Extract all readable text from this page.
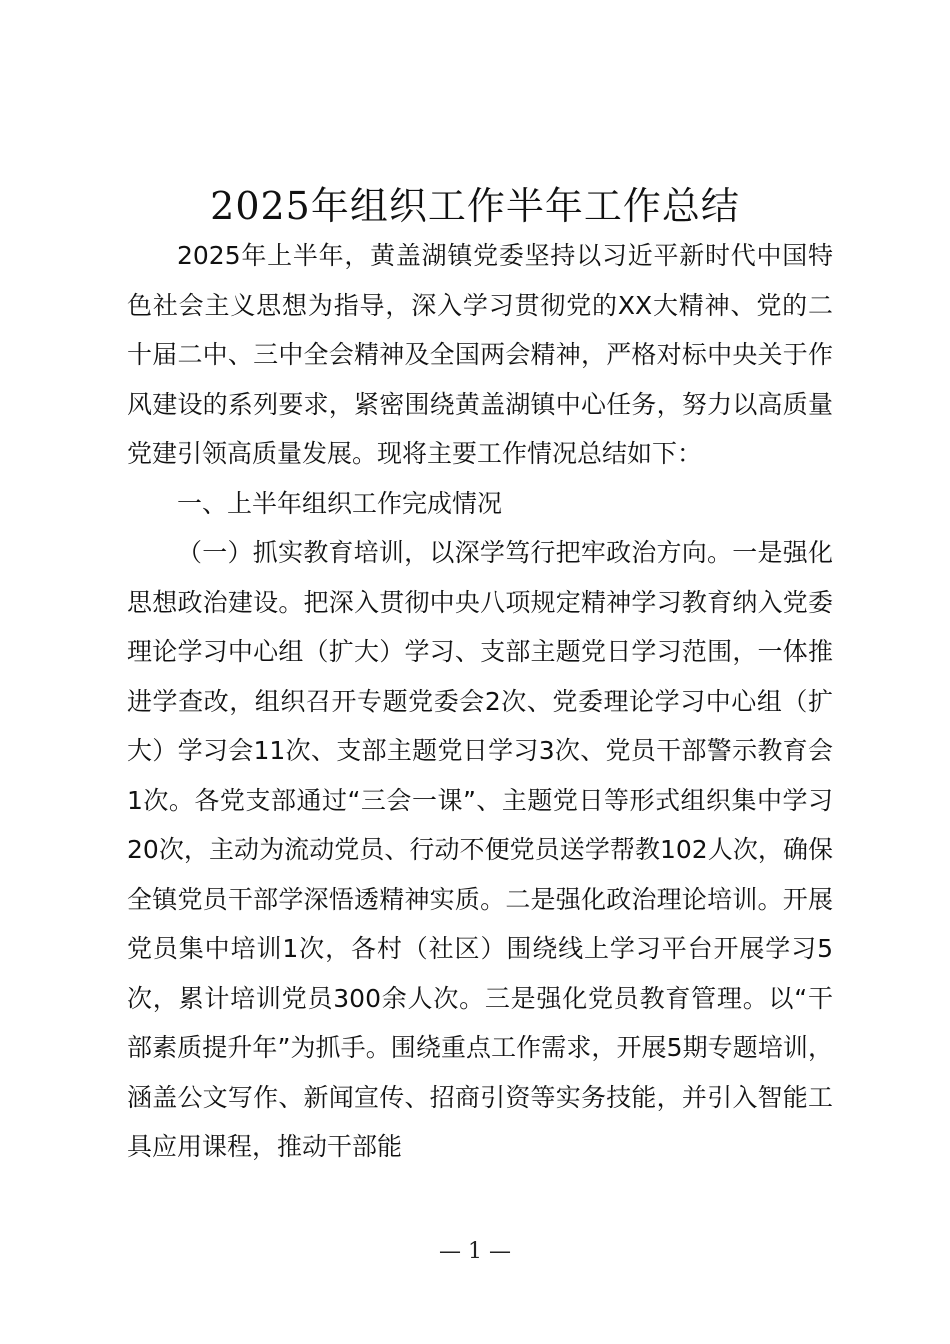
2025年组织工作半年工作总结

2025年上半年，黄盖湖镇党委坚持以习近平新时代中国特色社会主义思想为指导，深入学习贯彻党的XX大精神、党的二十届二中、三中全会精神及全国两会精神，严格对标中央关于作风建设的系列要求，紧密围绕黄盖湖镇中心任务，努力以高质量党建引领高质量发展。现将主要工作情况总结如下：

一、上半年组织工作完成情况

（一）抓实教育培训，以深学笃行把牢政治方向。一是强化思想政治建设。把深入贯彻中央八项规定精神学习教育纳入党委理论学习中心组（扩大）学习、支部主题党日学习范围，一体推进学查改，组织召开专题党委会2次、党委理论学习中心组（扩大）学习会11次、支部主题党日学习3次、党员干部警示教育会1次。各党支部通过“三会一课”、主题党日等形式组织集中学习20次，主动为流动党员、行动不便党员送学帮教102人次，确保全镇党员干部学深悟透精神实质。二是强化政治理论培训。开展党员集中培训1次，各村（社区）围绕线上学习平台开展学习5次，累计培训党员300余人次。三是强化党员教育管理。以“干部素质提升年”为抓手。围绕重点工作需求，开展5期专题培训，涵盖公文写作、新闻宣传、招商引资等实务技能，并引入智能工具应用课程，推动干部能

— 1 —
